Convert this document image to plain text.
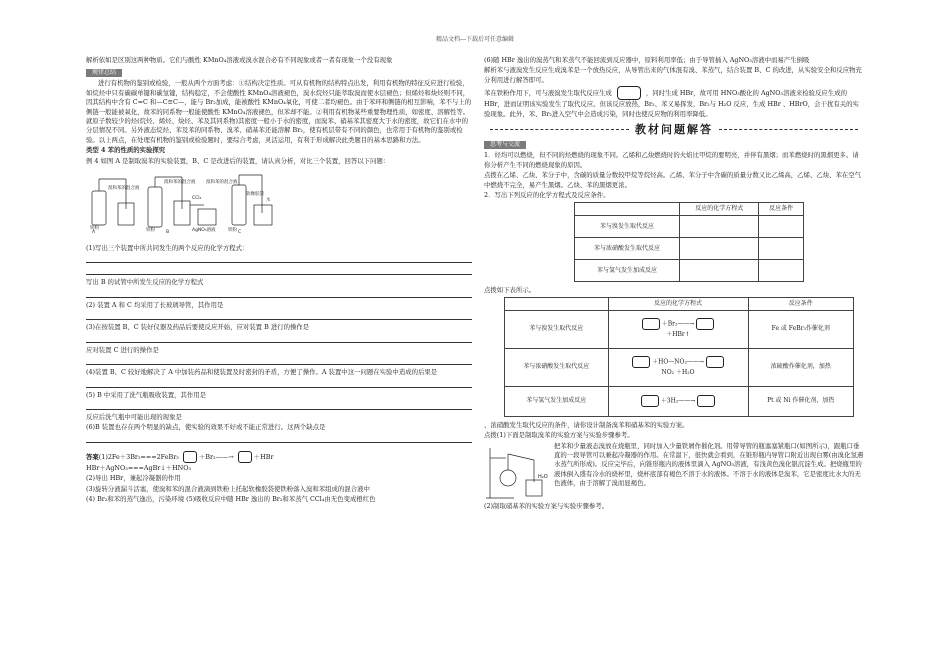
精品文档---下载后可任意编辑

解析依如是区别这两种物质。它们与酸性 KMnO₄溶液或溴水混合必有不同现象或者一者有现象一个没有现象

规律总结

进行有机物的鉴别或检验，一般从两个方面考虑：①结构决定性质。可从有机物的结构特点出发，利用有机物的特征反应进行检验，如烷烃中只有碳碳单键和碳氢键，结构稳定，不会使酸性 KMnO₄溶液褪色，溴水烷烃只能萃取溴而使水层褪色；但烯烃和炔烃则不同，因其结构中含有 C=C 和—C≡C—，能与 Br₂加成，能被酸性 KMnO₄氧化，可使二者均褪色。由于苯环和侧链的相互影响，苯不与上的侧链一般能被氧化，故苯的同系物一般能使酸性 KMnO₄溶液褪色，但苯却不能。②利用有机物某些重要物理性质，如密度、溶解性等。就原子数较少的烃(烷烃、烯烃、炔烃、苯及其同系物)其密度一般小于水的密度，而溴苯、硝基苯其密度大于水的密度，故它们在水中的分层情况不同。另外液态烷烃、苯及苯的同系物、溴苯、硝基苯还能溶解 Br₂，使有机层带有不同的颜色，也常用于有机物的鉴别或检验。以上两点，在处理有机物的鉴别或检验题时，要综合考虑，灵活运用，有利于形成解决此类题目的基本思路和方法。

类型 4 苯的性质的实验探究

例 4 如图 A 是制取溴苯的实验装置，B、C 是改进后的装置，请认真分析，对比三个装置，回答以下问题：

A	B	C
溴和苯的混合液
铁粉
溴和苯的混合液
CCl₄
AgNO₃溶液
铁粉
溴和苯的混合液
软橡胶袋
铁粉
水

(1)写出三个装置中所共同发生的两个反应的化学方程式：

写出 B 的试管中所发生反应的化学方程式

(2) 装置 A 和 C 均采用了长玻璃导管，其作用是

(3)在按装置 B、C 装好仪器及药品后要使反应开始，应对装置 B 进行的操作是

应对装置 C 进行的操作是

(4)装置 B、C 较好地解决了 A 中加装药品和使装置及时密封的矛盾，方便了操作。A 装置中这一问题在实验中造成的后果是

(5) B 中采用了洗气瓶吸收装置，其作用是

反应后洗气瓶中可能出现的现象是

(6)B 装置也存在两个明显的缺点，使实验的效果不好或不能正常进行。这两个缺点是

答案(1)2Fe＋3Br₂===2FeBr₃	＋Br₂——→	＋HBr

HBr＋AgNO₃===AgBr↓＋HNO₃

(2)导出 HBr，兼起冷凝器的作用

(3)旋转分液漏斗活塞，使溴和苯的混合液滴到铁粉上托起软橡胶袋使铁粉落入溴和苯组成的混合液中

(4) Br₂和苯的蒸气逸出，污染环境 (5)吸收反应中随 HBr 逸出的 Br₂和苯蒸气 CCl₄由无色变成橙红色

(6)随 HBr 逸出的溴蒸气和苯蒸气不能回流到反应器中，原料利用率低；由于导管插入 AgNO₃溶液中而易产生倒吸

解析苯与液溴发生反应生成溴苯是一个放热反应，从导管出来的气体混有溴、苯蒸气，结合装置 B、C 的改进，从实验安全和反应物充分利用进行解答即可。

苯在铁粉作用下，可与液溴发生取代反应生成	，同时生成 HBr，故可用 HNO₃酸化的 AgNO₃溶液来检验反应生成的 HBr，进而证明该实验发生了取代反应。但该反应放热，Br₂、苯又易挥发，Br₂与 H₂O 反应，生成 HBr 、HBrO，会干扰有关的实验现象。此外，苯、Br₂进入空气中会造成污染，同时也使反应物的利用率降低。

教材问题解答
思考与交流

1．烃均可以燃烧，但不同的烃燃烧的现象不同。乙烯和乙炔燃烧时的火焰比甲烷的要明亮，并伴有黑烟；而苯燃烧时的黑烟更多。请你分析产生不同的燃烧现象的原因。

点拨在乙烯、乙炔、苯分子中，含碳的质量分数较甲烷等烷烃高。乙烯、苯分子中含碳的质量分数又比乙烯高，乙烯、乙炔、苯在空气中燃烧不完全，易产生黑烟。乙炔、苯的黑烟更浓。

2．写出下列反应的化学方程式及反应条件。

	反应的化学方程式	反应条件
苯与溴发生取代反应		
苯与浓硝酸发生取代反应		
苯与氢气发生加成反应		

点拨如下表所示。

	反应的化学方程式	反应条件
苯与溴发生取代反应	＋Br₂——→
＋HBr↑	Fe 或 FeBr₃作催化剂
苯与浓硝酸发生取代反应	＋HO—NO₂——→
NO₂ ＋H₂O	浓硫酸作催化剂，加热
苯与氢气发生加成反应	＋3H₂——→	Pt 或 Ni 作催化剂，加热

、浓硝酸发生取代反应的条件，请你设计制备溴苯和硝基苯的实验方案。

点拨(1)下面是制取溴苯的实验方案与实验步骤参考。

H₂O

把苯和少量液态溴放在烧瓶里，同时加入少量铁屑作催化剂。用带导管的瓶塞塞紧瓶口(如图所示)，跟瓶口垂直的一段导管可以兼起冷凝器的作用。在常温下，很快就会看到，在锥形瓶内导管口附近出现白雾(由溴化氢遇水蒸气所形成)。反应完毕后，向锥形瓶内的液体里滴入 AgNO₃溶液，有浅黄色溴化银沉淀生成。把烧瓶里的液体倒入盛有冷水的烧杯里，烧杯底部有褐色不溶于水的液体。不溶于水的液体是溴苯，它是密度比水大的无色液体，由于溶解了溴而显褐色。

(2)制取硝基苯的实验方案与实验步骤参考。
